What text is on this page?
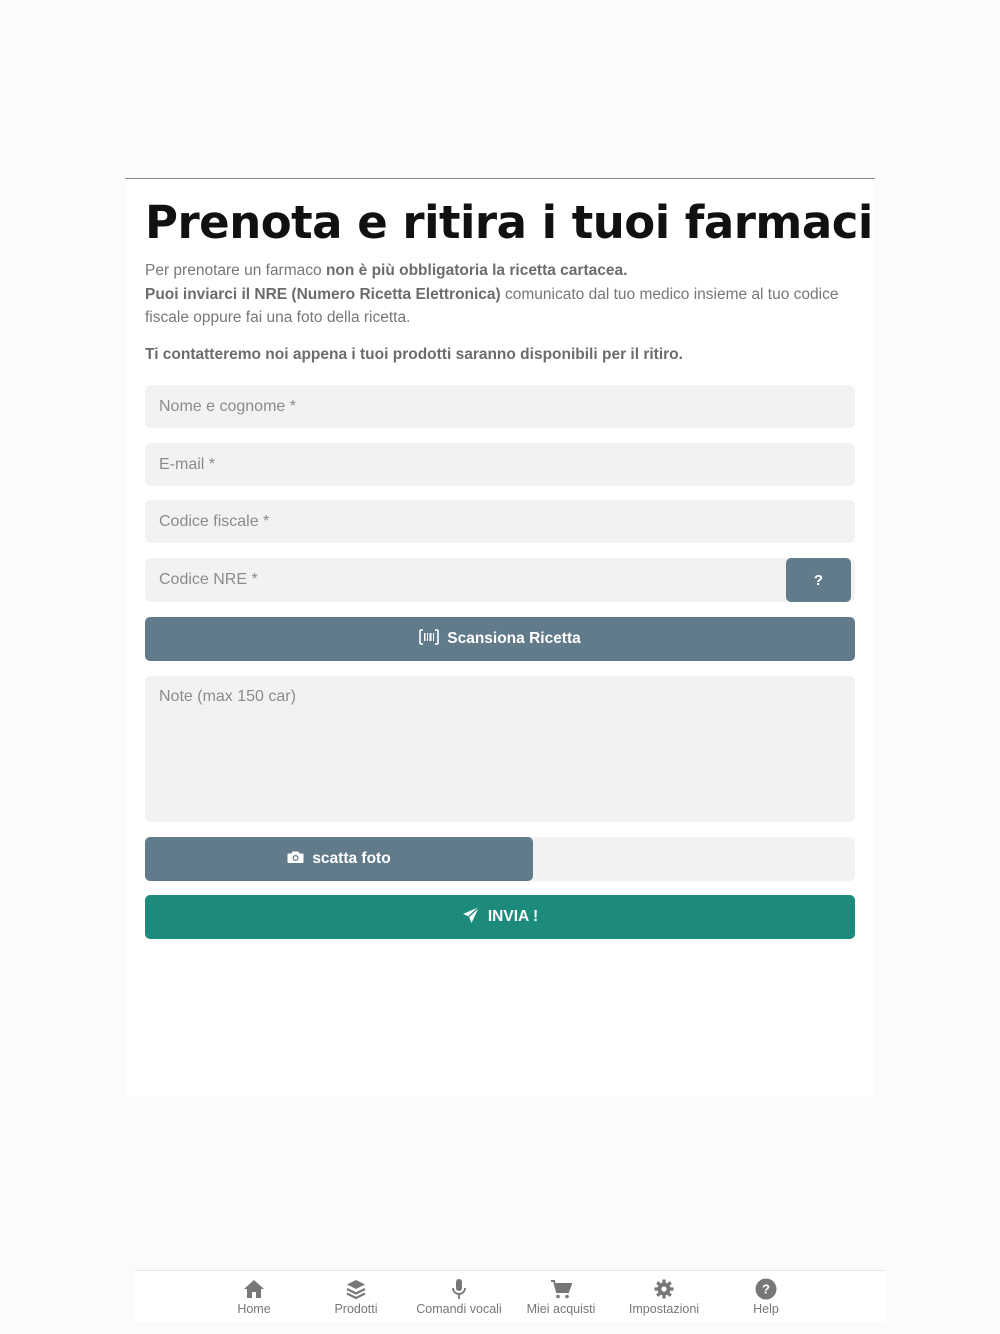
Prenota e ritira i tuoi farmaci

Per prenotare un farmaco non è più obbligatoria la ricetta cartacea.
Puoi inviarci il NRE (Numero Ricetta Elettronica) comunicato dal tuo medico insieme al tuo codice fiscale oppure fai una foto della ricetta.

Ti contatteremo noi appena i tuoi prodotti saranno disponibili per il ritiro.

Nome e cognome *
E-mail *
Codice fiscale *
Codice NRE *
?
Scansiona Ricetta
Note (max 150 car)
scatta foto
INVIA !
Home	Prodotti	Comandi vocali Miei acquisti	Impostazioni
?
Help
